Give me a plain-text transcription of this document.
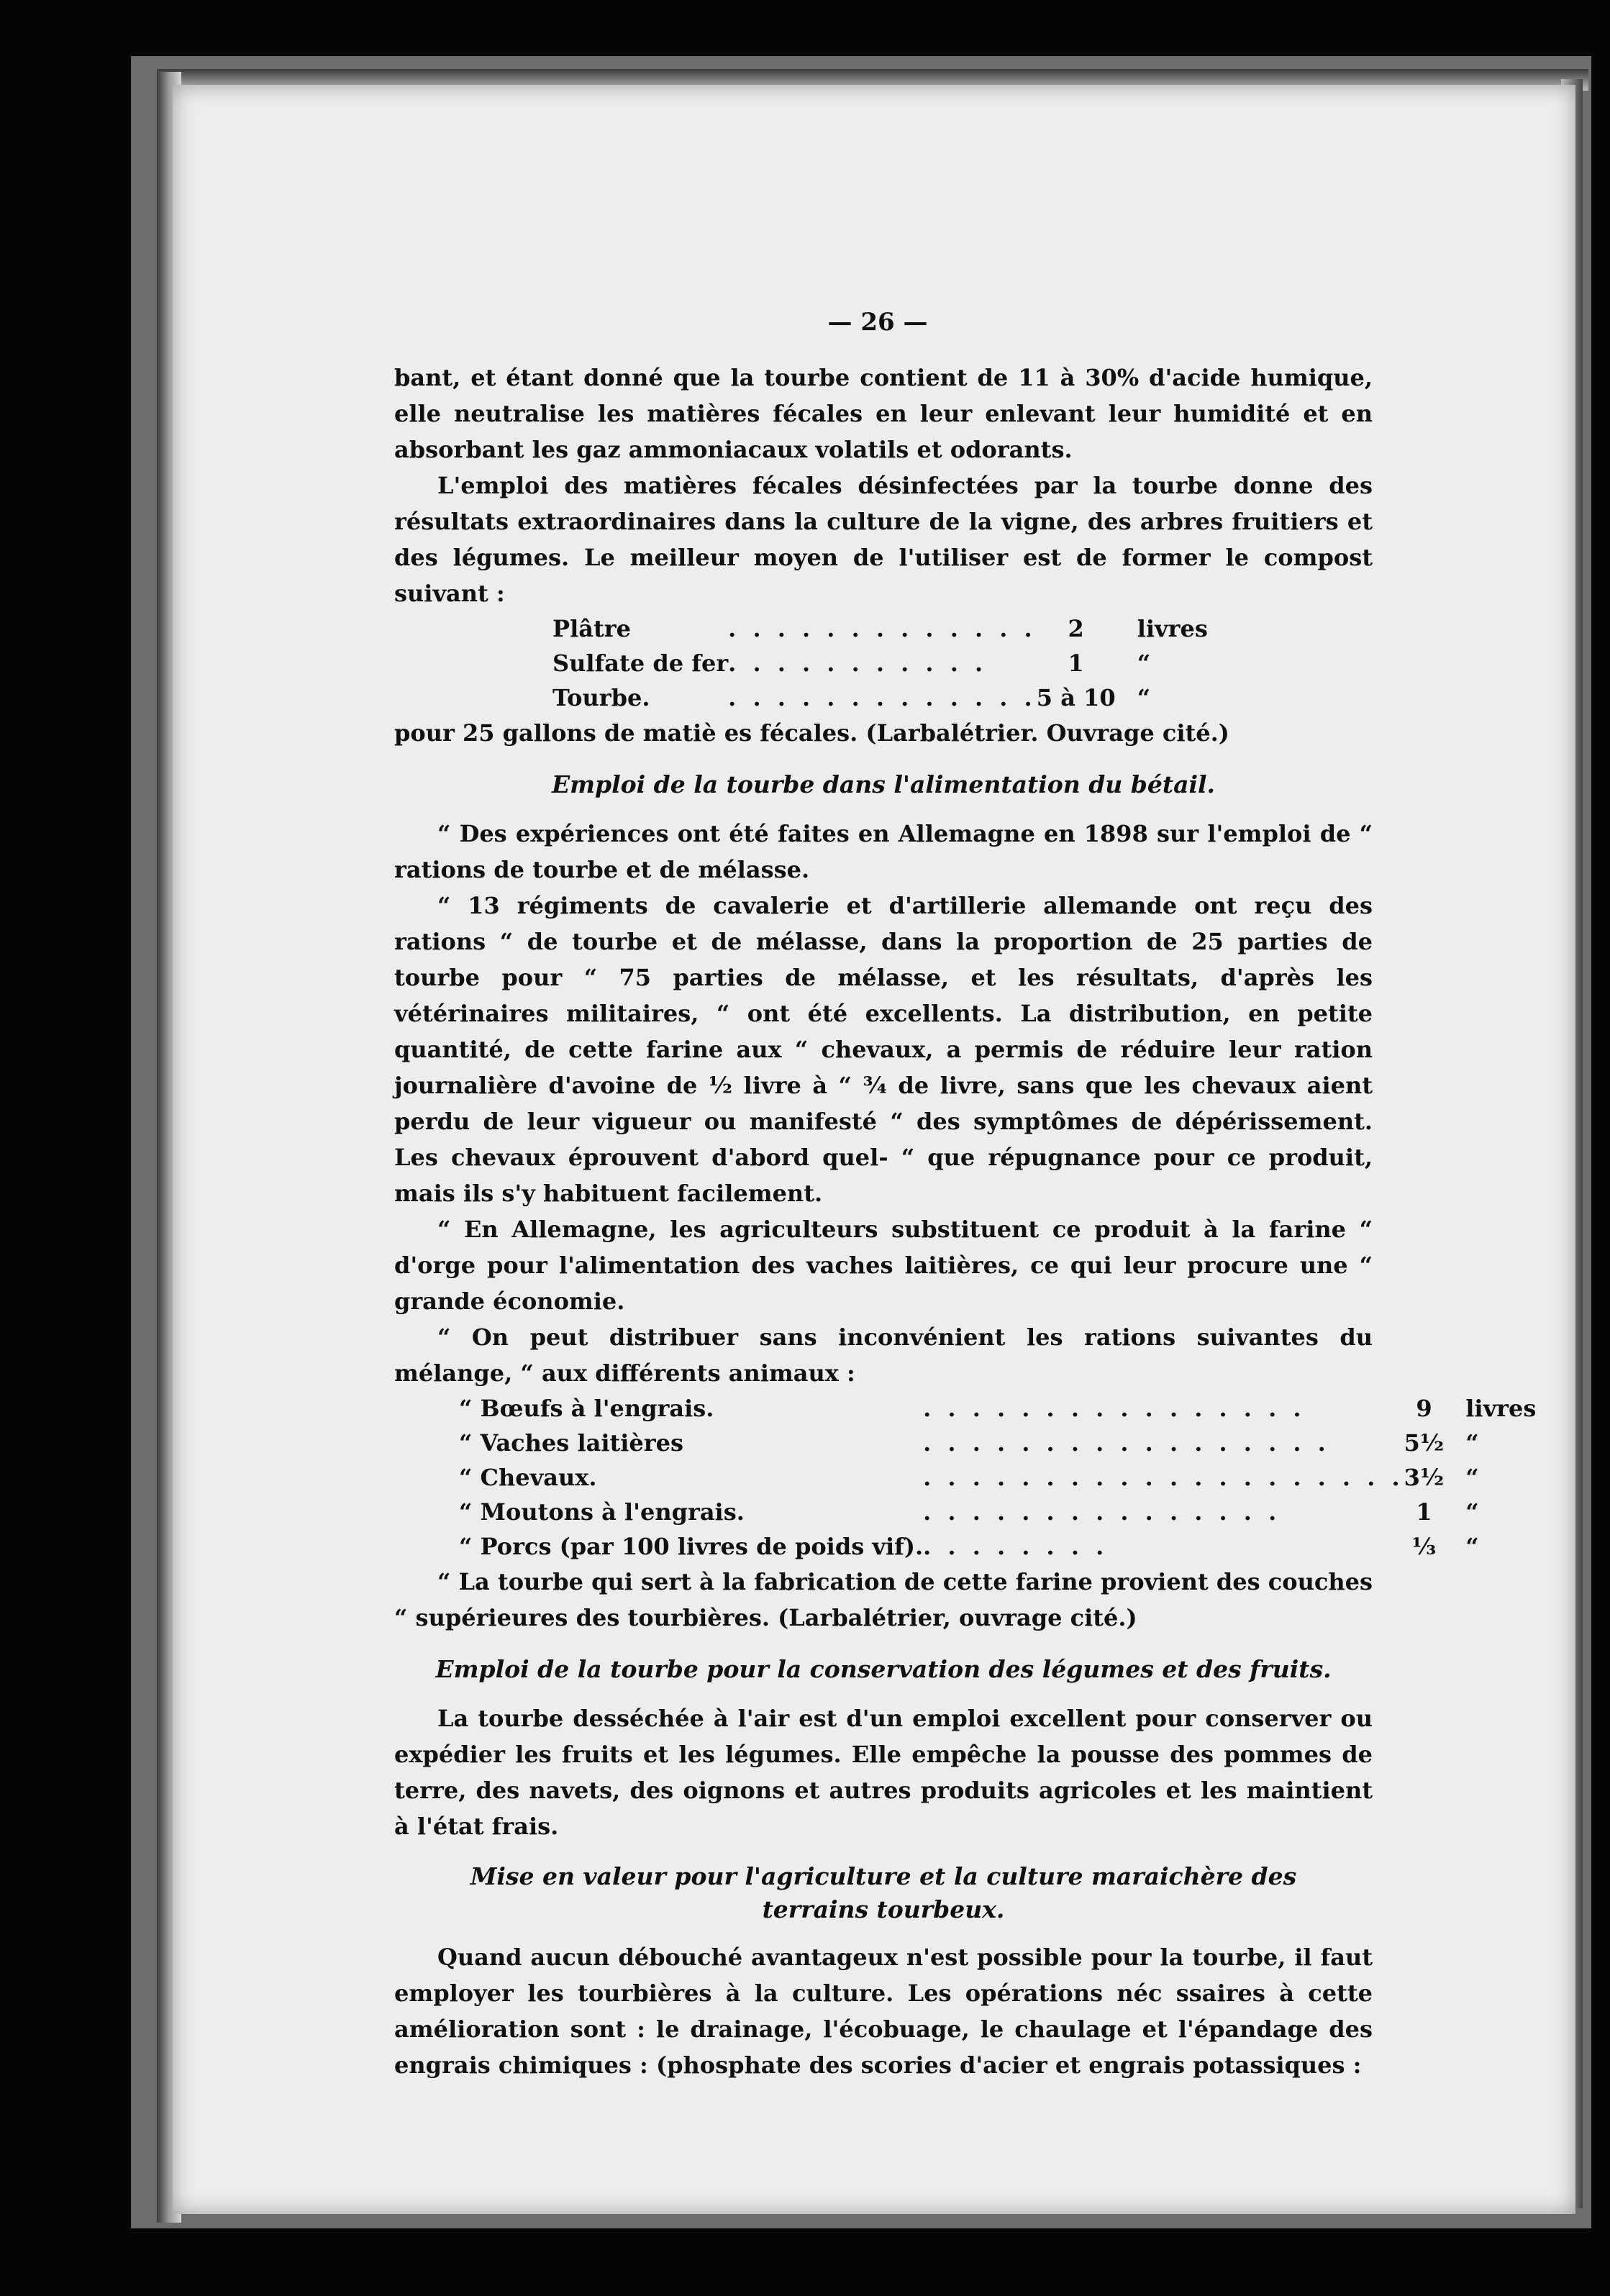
— 26 —

bant, et étant donné que la tourbe contient de 11 à 30% d'acide humique, elle neutralise les matières fécales en leur enlevant leur humidité et en absorbant les gaz ammoniacaux volatils et odorants.

L'emploi des matières fécales désinfectées par la tourbe donne des résultats extraordinaires dans la culture de la vigne, des arbres fruitiers et des légumes. Le meilleur moyen de l'utiliser est de former le compost suivant :

Plâtre	. . . . . . . . . . . . .	2	livres
Sulfate de fer	. . . . . . . . . . .	1	“
Tourbe.	. . . . . . . . . . . . .	5 à 10	“

pour 25 gallons de matiè es fécales. (Larbalétrier. Ouvrage cité.)

Emploi de la tourbe dans l'alimentation du bétail.

“ Des expériences ont été faites en Allemagne en 1898 sur l'emploi de “ rations de tourbe et de mélasse.

“ 13 régiments de cavalerie et d'artillerie allemande ont reçu des rations “ de tourbe et de mélasse, dans la proportion de 25 parties de tourbe pour “ 75 parties de mélasse, et les résultats, d'après les vétérinaires militaires, “ ont été excellents. La distribution, en petite quantité, de cette farine aux “ chevaux, a permis de réduire leur ration journalière d'avoine de ½ livre à “ ¾ de livre, sans que les chevaux aient perdu de leur vigueur ou manifesté “ des symptômes de dépérissement. Les chevaux éprouvent d'abord quel- “ que répugnance pour ce produit, mais ils s'y habituent facilement.

“ En Allemagne, les agriculteurs substituent ce produit à la farine “ d'orge pour l'alimentation des vaches laitières, ce qui leur procure une “ grande économie.

“ On peut distribuer sans inconvénient les rations suivantes du mélange, “ aux différents animaux :

“ Bœufs à l'engrais.	. . . . . . . . . . . . . . . .	9	livres
“ Vaches laitières	. . . . . . . . . . . . . . . . .	5½	“
“ Chevaux.	. . . . . . . . . . . . . . . . . . . .	3½	“
“ Moutons à l'engrais.	. . . . . . . . . . . . . . .	1	“
“ Porcs (par 100 livres de poids vif).	. . . . . . . .	⅓	“

“ La tourbe qui sert à la fabrication de cette farine provient des couches “ supérieures des tourbières. (Larbalétrier, ouvrage cité.)

Emploi de la tourbe pour la conservation des légumes et des fruits.

La tourbe desséchée à l'air est d'un emploi excellent pour conserver ou expédier les fruits et les légumes. Elle empêche la pousse des pommes de terre, des navets, des oignons et autres produits agricoles et les maintient à l'état frais.

Mise en valeur pour l'agriculture et la culture maraichère des
terrains tourbeux.

Quand aucun débouché avantageux n'est possible pour la tourbe, il faut employer les tourbières à la culture. Les opérations néc ssaires à cette amélioration sont : le drainage, l'écobuage, le chaulage et l'épandage des engrais chimiques : (phosphate des scories d'acier et engrais potassiques :
